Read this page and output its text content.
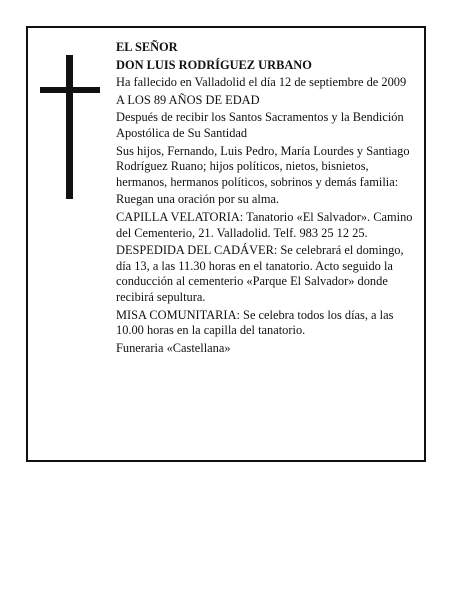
EL SEÑOR

DON LUIS RODRÍGUEZ URBANO

Ha fallecido en Valladolid el día 12 de septiembre de 2009

A LOS 89 AÑOS DE EDAD

Después de recibir los Santos Sacramentos y la Bendición Apostólica de Su Santidad

Sus hijos, Fernando, Luis Pedro, María Lourdes y Santiago Rodríguez Ruano; hijos políticos, nietos, bisnietos, hermanos, hermanos políticos, sobrinos y demás familia:

Ruegan una oración por su alma.

CAPILLA VELATORIA: Tanatorio «El Salvador». Camino del Cementerio, 21. Valladolid. Telf. 983 25 12 25.

DESPEDIDA DEL CADÁVER: Se celebrará el domingo, día 13, a las 11.30 horas en el tanatorio. Acto seguido la conducción al cementerio «Parque El Salvador» donde recibirá sepultura.

MISA COMUNITARIA: Se celebra todos los días, a las 10.00 horas en la capilla del tanatorio.

Funeraria «Castellana»
